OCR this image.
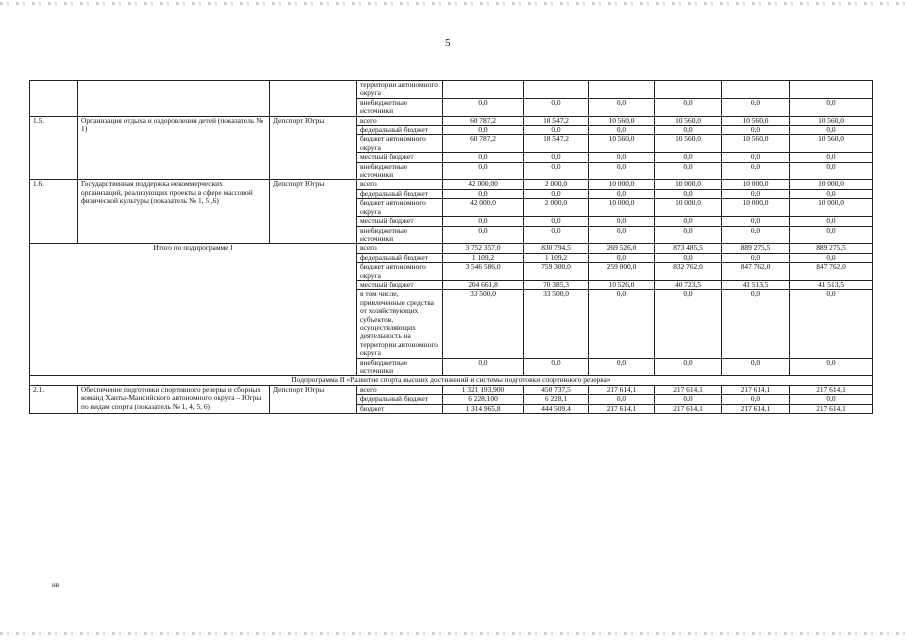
5
			территории автономного округа						
			внебюджетные источники	0,0	0,0	0,0	0,0	0,0	0,0
1.5.	Организация отдыха и оздоровления детей (показатель № 1)	Депспорт Югры	всего	60 787,2	18 547,2	10 560,0	10 560,0	10 560,0	10 560,0
			федеральный бюджет	0,0	0,0	0,0	0,0	0,0	0,0
			бюджет автономного округа	60 787,2	18 547,2	10 560,0	10 560,0	10 560,0	10 560,0
			местный бюджет	0,0	0,0	0,0	0,0	0,0	0,0
			внебюджетные источники	0,0	0,0	0,0	0,0	0,0	0,0
1.6.	Государственная поддержка некоммерческих организаций, реализующих проекты в сфере массовой физической культуры (показатель № 1, 5 ,6)	Депспорт Югры	всего	42 000,00	2 000,0	10 000,0	10 000,0	10 000,0	10 000,0
			федеральный бюджет	0,0	0,0	0,0	0,0	0,0	0,0
			бюджет автономного округа	42 000,0	2 000,0	10 000,0	10 000,0	10 000,0	10 000,0
			местный бюджет	0,0	0,0	0,0	0,0	0,0	0,0
			внебюджетные источники	0,0	0,0	0,0	0,0	0,0	0,0
Итого по подпрограмме I			всего	3 752 357,0	830 794,5	269 526,0	873 485,5	889 275,5	889 275,5
			федеральный бюджет	1 109,2	1 109,2	0,0	0,0	0,0	0,0
			бюджет автономного округа	3 546 586,0	759 300,0	259 000,0	832 762,0	847 762,0	847 762,0
			местный бюджет	204 661,8	70 385,3	10 526,0	40 723,5	41 513,5	41 513,5
			в том числе, привлеченные средства от хозяйствующих субъектов, осуществляющих деятельность на территории автономного округа	33 500,0	33 500,0	0,0	0,0	0,0	0,0
			внебюджетные источники	0,0	0,0	0,0	0,0	0,0	0,0
Подпрограмма II «Развитие спорта высших достижений и системы подготовки спортивного резерва»									
2.1.	Обеспечение подготовки спортивного резерва и сборных команд Ханты-Мансийского автономного округа – Югры по видам спорта (показатель № 1, 4, 5, 6)	Депспорт Югры	всего	1 321 193,900	450 737,5	217 614,1	217 614,1	217 614,1	217 614,1
			федеральный бюджет	6 228,100	6 228,1	0,0	0,0	0,0	0,0
			бюджет	1 314 965,8	444 509,4	217 614,1	217 614,1	217 614,1	217 614,1
нв
